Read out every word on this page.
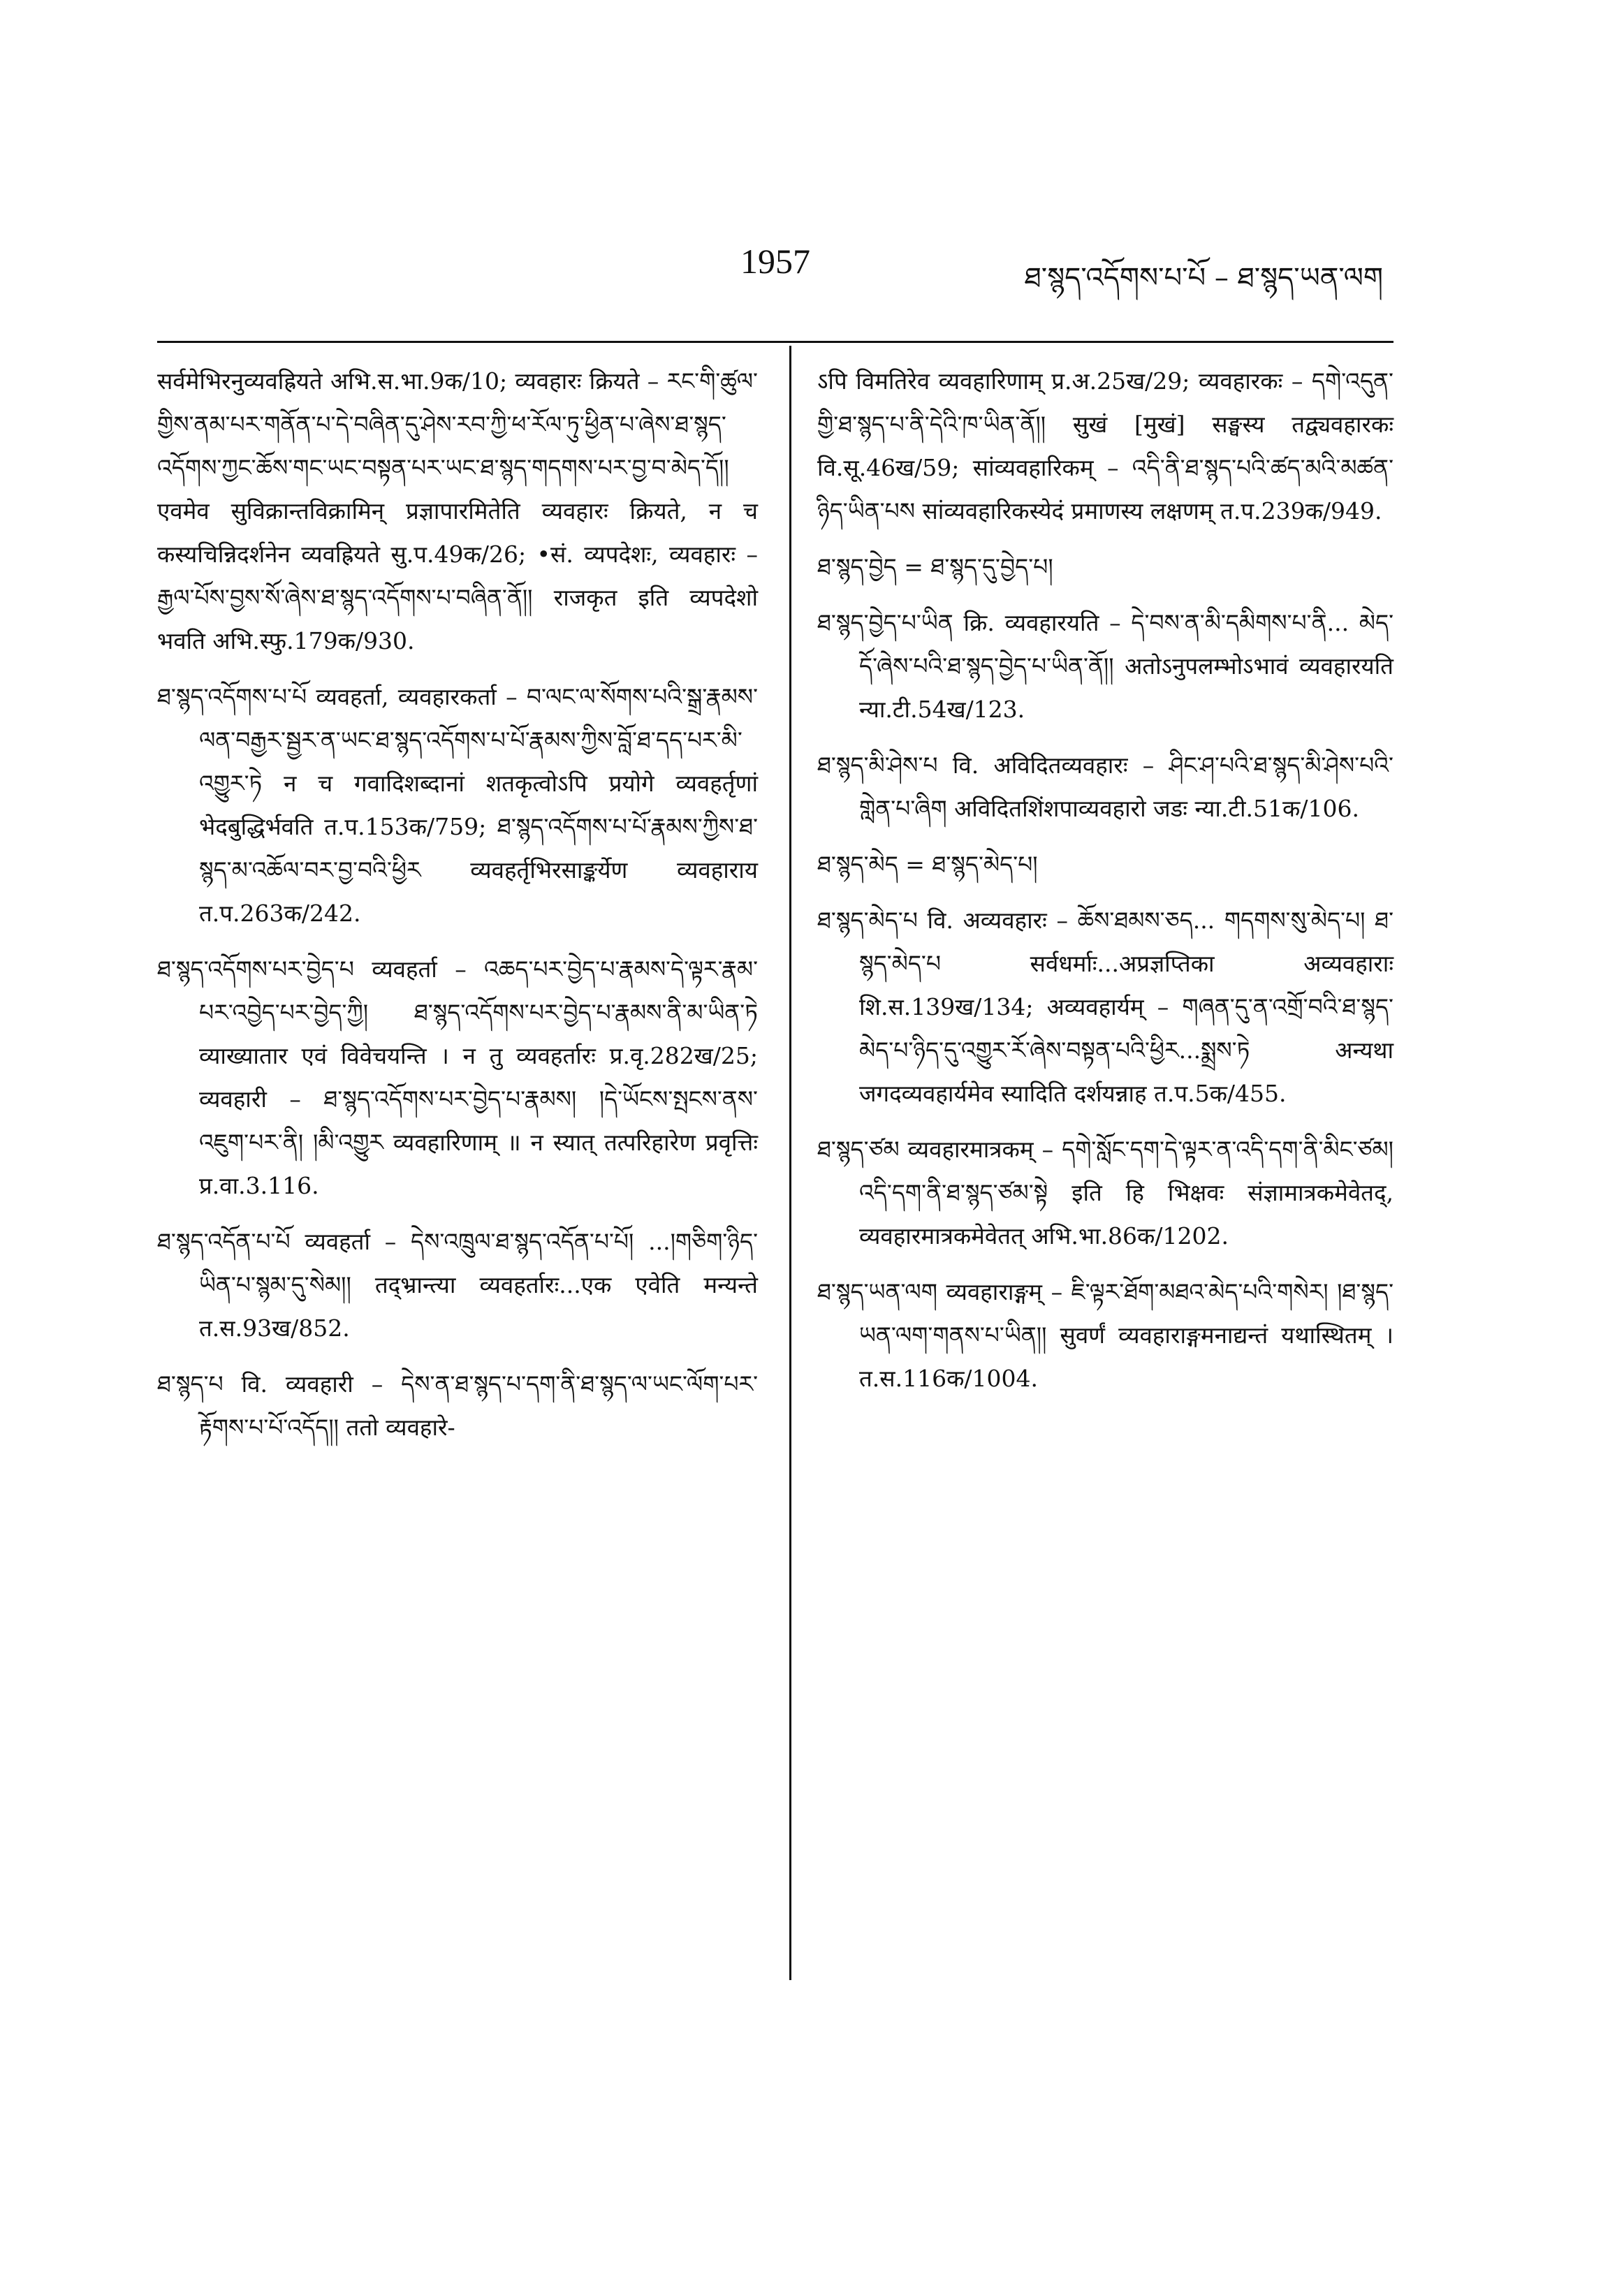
1957	ཐ་སྙད་འདོགས་པ་པོ – ཐ་སྙད་ཡན་ལག

सर्वमेभिरनुव्यवह्रियते अभि.स.भा.9क/10; व्यवहारः क्रियते – རང་གི་ཚུལ་གྱིས་ནམ་པར་གནོན་པ་དེ་བཞིན་དུ་ཤེས་རབ་ཀྱི་ཕ་རོལ་ཏུ་ཕྱིན་པ་ཞེས་ཐ་སྙད་འདོགས་ཀྱང་ཆོས་གང་ཡང་བསྟན་པར་ཡང་ཐ་སྙད་གདགས་པར་བྱ་བ་མེད་དོ།། एवमेव सुविक्रान्तविक्रामिन् प्रज्ञापारमितेति व्यवहारः क्रियते, न च कस्यचिन्निदर्शनेन व्यवह्रियते सु.प.49क/26; •सं. व्यपदेशः, व्यवहारः – རྒྱལ་པོས་བྱས་སོ་ཞེས་ཐ་སྙད་འདོགས་པ་བཞིན་ནོ།། राजकृत इति व्यपदेशो भवति अभि.स्फु.179क/930.

ཐ་སྙད་འདོགས་པ་པོ व्यवहर्ता, व्यवहारकर्ता – བ་ལང་ལ་སོགས་པའི་སྒྲ་རྣམས་ལན་བརྒྱར་སྦྱར་ན་ཡང་ཐ་སྙད་འདོགས་པ་པོ་རྣམས་ཀྱིས་བློ་ཐ་དད་པར་མི་འགྱུར་ཏེ न च गवादिशब्दानां शतकृत्वोऽपि प्रयोगे व्यवहर्तृणां भेदबुद्धिर्भवति त.प.153क/759; ཐ་སྙད་འདོགས་པ་པོ་རྣམས་ཀྱིས་ཐ་སྙད་མ་འཆོལ་བར་བྱ་བའི་ཕྱིར व्यवहर्तृभिरसाङ्कर्येण व्यवहाराय त.प.263क/242.

ཐ་སྙད་འདོགས་པར་བྱེད་པ व्यवहर्ता – འཆད་པར་བྱེད་པ་རྣམས་དེ་ལྟར་རྣམ་པར་འབྱེད་པར་བྱེད་ཀྱི། ཐ་སྙད་འདོགས་པར་བྱེད་པ་རྣམས་ནི་མ་ཡིན་ཏེ व्याख्यातार एवं विवेचयन्ति । न तु व्यवहर्तारः प्र.वृ.282ख/25; व्यवहारी – ཐ་སྙད་འདོགས་པར་བྱེད་པ་རྣམས། །དེ་ཡོངས་སྤངས་ནས་འཇུག་པར་ནི། །མི་འགྱུར व्यवहारिणाम् ॥ न स्यात् तत्परिहारेण प्रवृत्तिः प्र.वा.3.116.

ཐ་སྙད་འདོན་པ་པོ व्यवहर्ता – དེས་འཁྲུལ་ཐ་སྙད་འདོན་པ་པོ། ...།གཅིག་ཉིད་ཡིན་པ་སྙམ་དུ་སེམ།། तद्भ्रान्त्या व्यवहर्तारः...एक एवेति मन्यन्ते त.स.93ख/852.

ཐ་སྙད་པ वि. व्यवहारी – དེས་ན་ཐ་སྙད་པ་དག་ནི་ཐ་སྙད་ལ་ཡང་ལོག་པར་རྟོགས་པ་པོ་འདོད།། ततो व्यवहारे-

ऽपि विमतिरेव व्यवहारिणाम् प्र.अ.25ख/29; व्यवहारकः – དགེ་འདུན་གྱི་ཐ་སྙད་པ་ནི་དེའི་ཁ་ཡིན་ནོ།། सुखं [मुखं] सङ्घस्य तद्व्यवहारकः वि.सू.46ख/59; सांव्यवहारिकम् – འདི་ནི་ཐ་སྙད་པའི་ཚད་མའི་མཚན་ཉིད་ཡིན་པས सांव्यवहारिकस्येदं प्रमाणस्य लक्षणम् त.प.239क/949.

ཐ་སྙད་བྱེད = ཐ་སྙད་དུ་བྱེད་པ།

ཐ་སྙད་བྱེད་པ་ཡིན क्रि. व्यवहारयति – དེ་བས་ན་མི་དམིགས་པ་ནི... མེད་དོ་ཞེས་པའི་ཐ་སྙད་བྱེད་པ་ཡིན་ནོ།། अतोऽनुपलम्भोऽभावं व्यवहारयति न्या.टी.54ख/123.

ཐ་སྙད་མི་ཤེས་པ वि. अविदितव्यवहारः – ཤིང་ཤ་པའི་ཐ་སྙད་མི་ཤེས་པའི་གླེན་པ་ཞིག अविदितशिंशपाव्यवहारो जडः न्या.टी.51क/106.

ཐ་སྙད་མེད = ཐ་སྙད་མེད་པ།

ཐ་སྙད་མེད་པ वि. अव्यवहारः – ཆོས་ཐམས་ཅད... གདགས་སུ་མེད་པ། ཐ་སྙད་མེད་པ सर्वधर्माः...अप्रज्ञप्तिका अव्यवहाराः शि.स.139ख/134; अव्यवहार्यम् – གཞན་དུ་ན་འགྲོ་བའི་ཐ་སྙད་མེད་པ་ཉིད་དུ་འགྱུར་རོ་ཞེས་བསྟན་པའི་ཕྱིར...སྨྲས་ཏེ अन्यथा जगदव्यवहार्यमेव स्यादिति दर्शयन्नाह त.प.5क/455.

ཐ་སྙད་ཙམ व्यवहारमात्रकम् – དགེ་སློང་དག་དེ་ལྟར་ན་འདི་དག་ནི་མིང་ཙམ། འདི་དག་ནི་ཐ་སྙད་ཙམ་སྟེ इति हि भिक्षवः संज्ञामात्रकमेवेतद्, व्यवहारमात्रकमेवेतत् अभि.भा.86क/1202.

ཐ་སྙད་ཡན་ལག व्यवहाराङ्गम् – ཇི་ལྟར་ཐོག་མཐའ་མེད་པའི་གསེར། །ཐ་སྙད་ཡན་ལག་གནས་པ་ཡིན།། सुवर्णं व्यवहाराङ्गमनाद्यन्तं यथास्थितम् । त.स.116क/1004.
